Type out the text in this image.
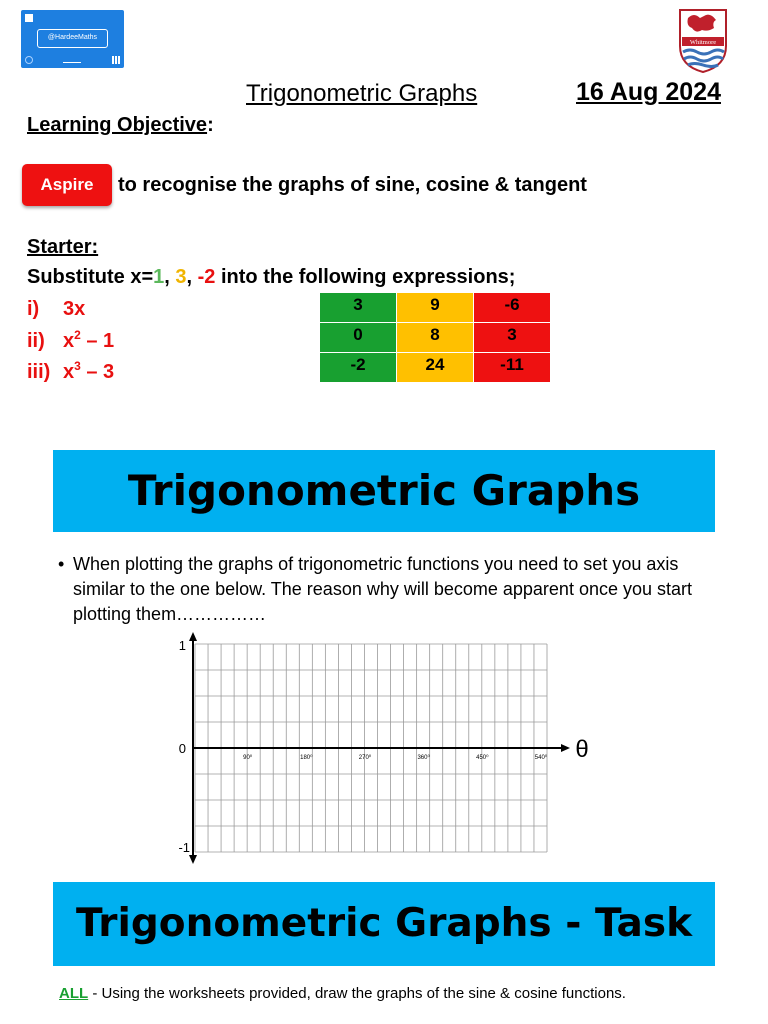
@HardeeMaths
Whitmore
Trigonometric Graphs	16 Aug 2024
Learning Objective:
Aspire	to recognise the graphs of sine, cosine & tangent
Starter:
Substitute x=1, 3, -2 into the following expressions;
i) 3x
ii) $x^2 - 1$
iii) $x^3 - 3$
3	9	-6
0	8	3
-2	24	-11
Trigonometric Graphs
• When plotting the graphs of trigonometric functions you need to set you axis similar to the one below. The reason why will become apparent once you start plotting them……………
1
0
-1
90⁰	180⁰	270⁰	360⁰	450⁰	540⁰ θ
Trigonometric Graphs - Task
ALL - Using the worksheets provided, draw the graphs of the sine & cosine functions.
